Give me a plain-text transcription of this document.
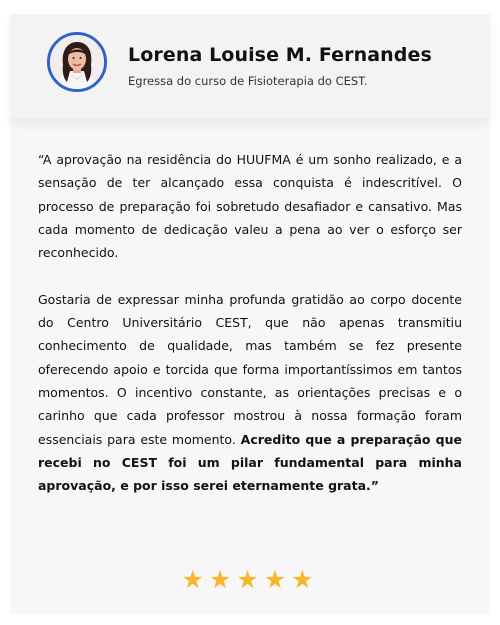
Lorena Louise M. Fernandes
Egressa do curso de Fisioterapia do CEST.

“A aprovação na residência do HUUFMA é um sonho realizado, e a sensação de ter alcançado essa conquista é indescritível. O processo de preparação foi sobretudo desafiador e cansativo. Mas cada momento de dedicação valeu a pena ao ver o esforço ser reconhecido.

Gostaria de expressar minha profunda gratidão ao corpo docente do Centro Universitário CEST, que não apenas transmitiu conhecimento de qualidade, mas também se fez presente oferecendo apoio e torcida que forma importantíssimos em tantos momentos. O incentivo constante, as orientações precisas e o carinho que cada professor mostrou à nossa formação foram essenciais para este momento. Acredito que a preparação que recebi no CEST foi um pilar fundamental para minha aprovação, e por isso serei eternamente grata.”

★★★★★
